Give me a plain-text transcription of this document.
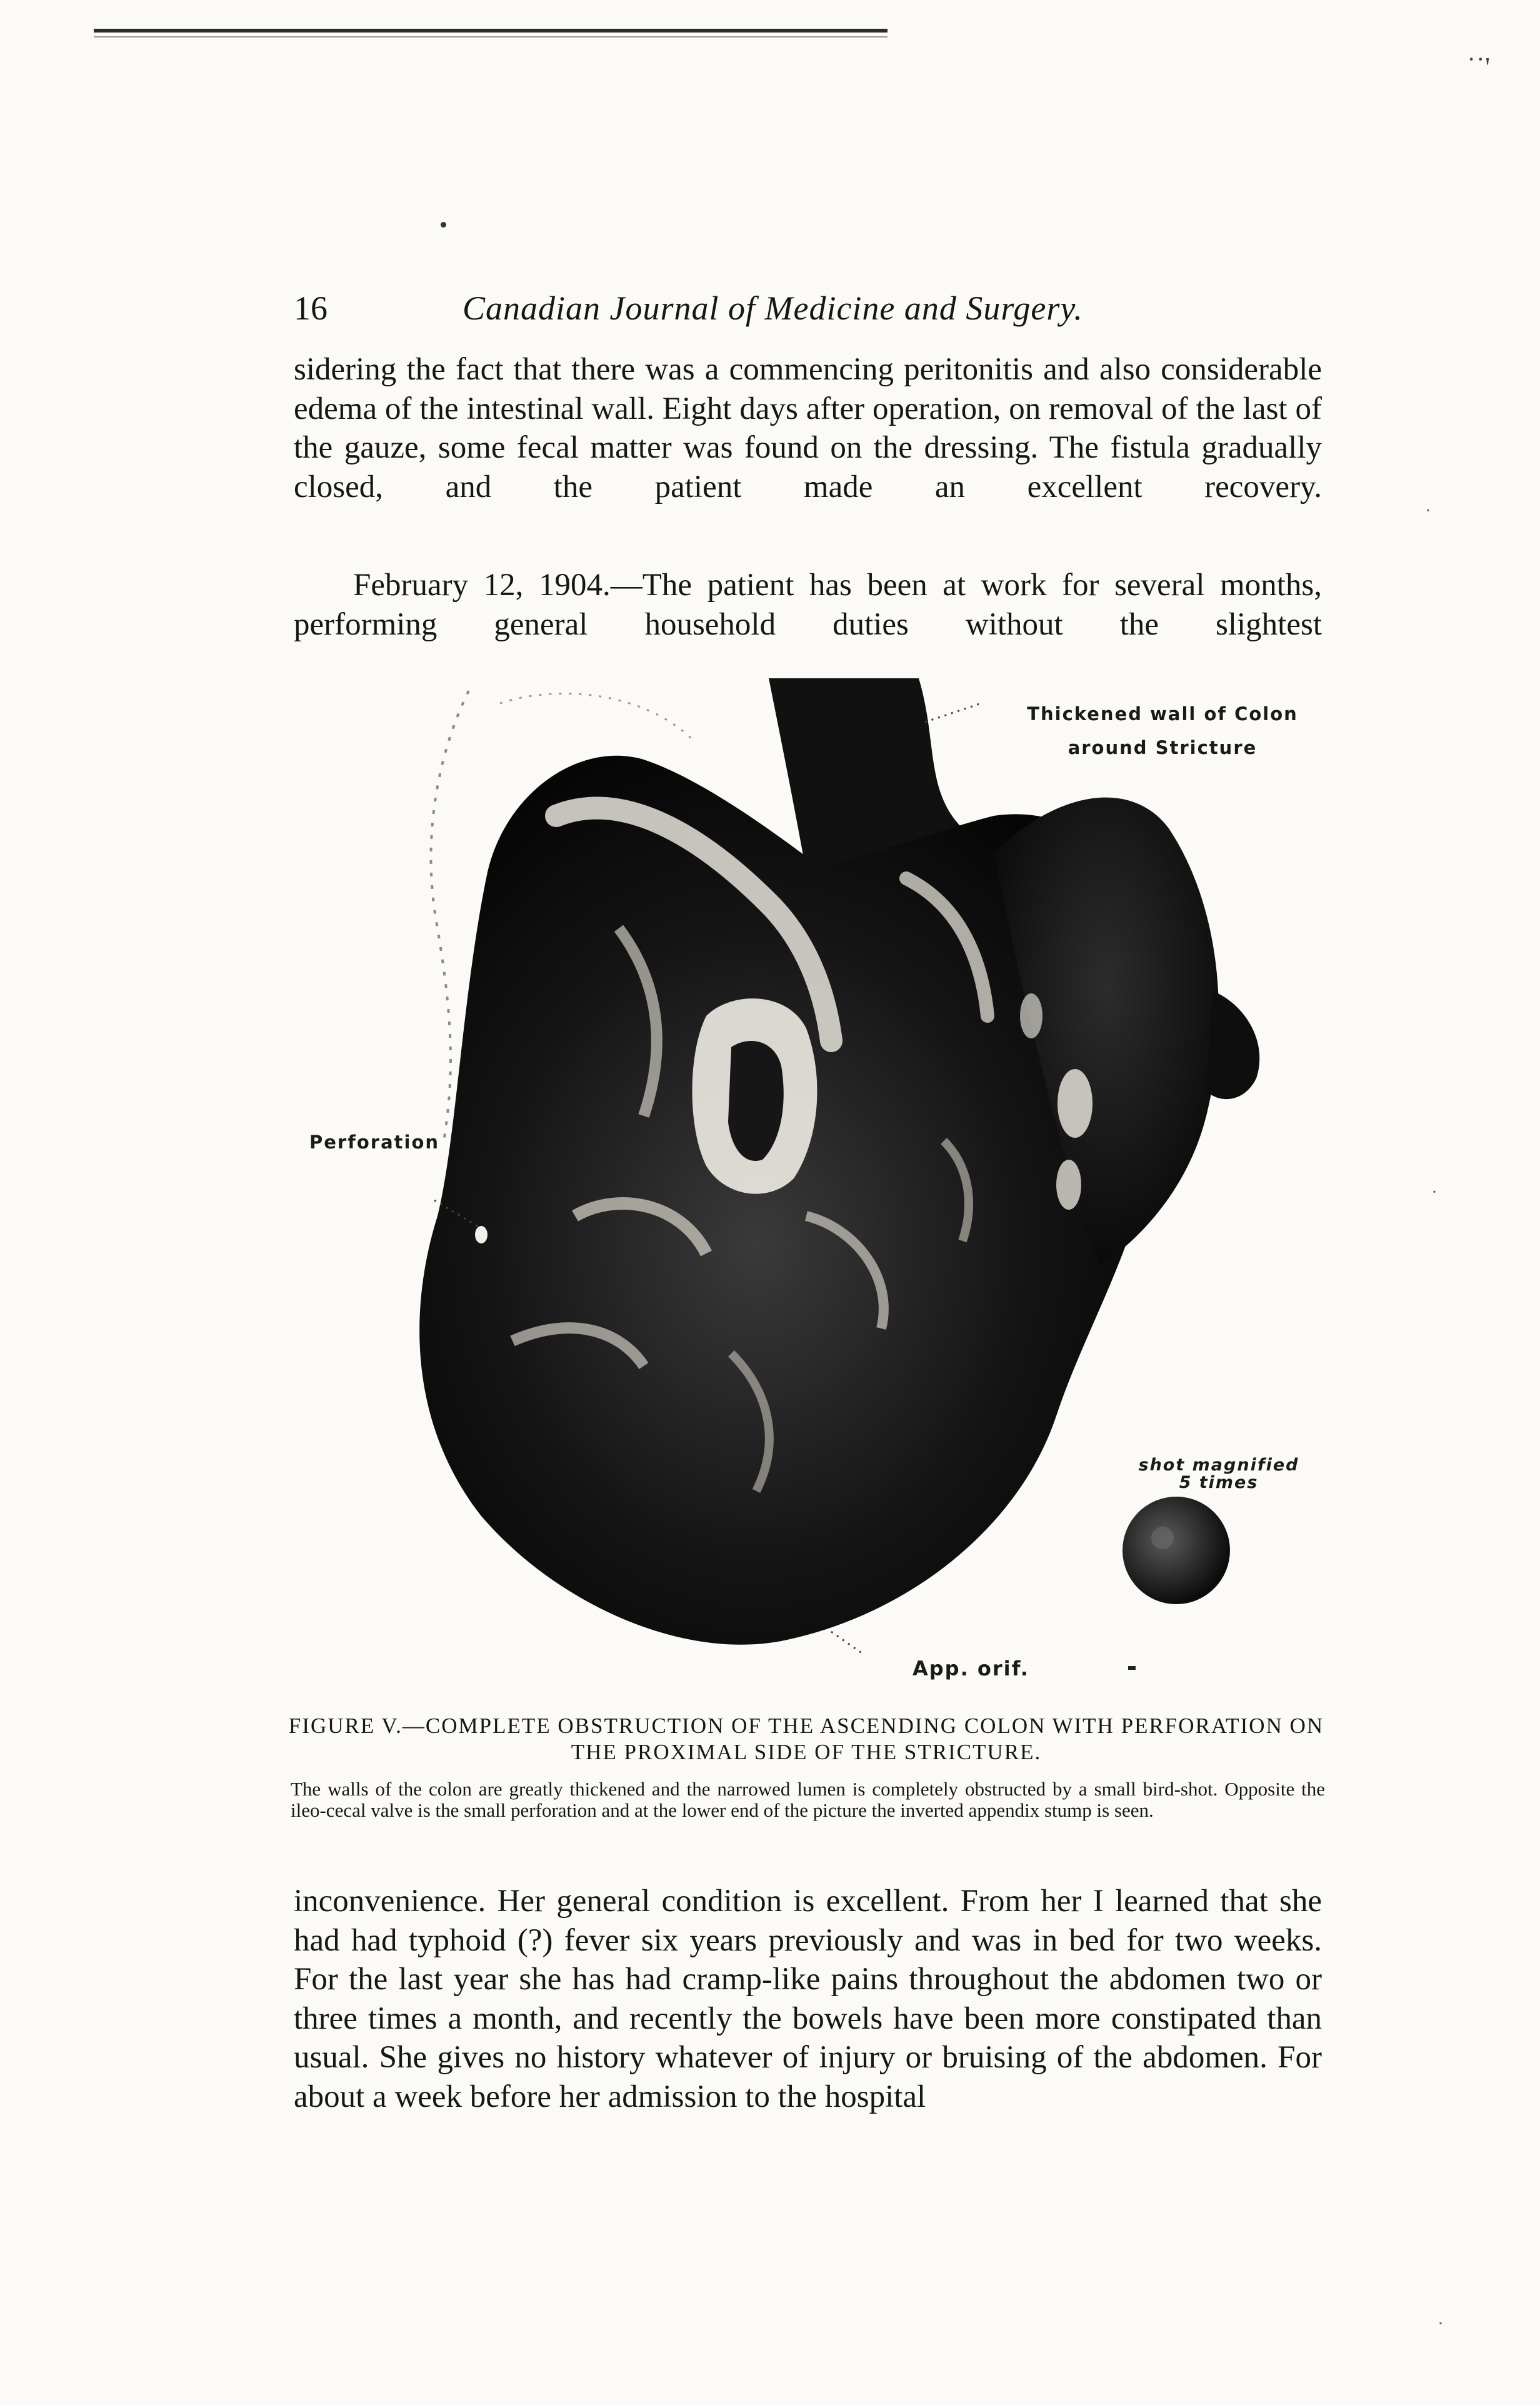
˙˙'
16	Canadian Journal of Medicine and Surgery.

sidering the fact that there was a commencing peritonitis and also considerable edema of the intestinal wall. Eight days after operation, on removal of the last of the gauze, some fecal matter was found on the dressing. The fistula gradually closed, and the patient made an excellent recovery.

February 12, 1904.—The patient has been at work for several months, performing general household duties without the slightest

Thickened wall of Colon around Stricture
Perforation
shot magnified 5 times
App. orif.
FIGURE V.—COMPLETE OBSTRUCTION OF THE ASCENDING COLON WITH PERFORATION ON THE PROXIMAL SIDE OF THE STRICTURE.
The walls of the colon are greatly thickened and the narrowed lumen is completely obstructed by a small bird-shot. Opposite the ileo-cecal valve is the small perforation and at the lower end of the picture the inverted appendix stump is seen.

inconvenience. Her general condition is excellent. From her I learned that she had had typhoid (?) fever six years previously and was in bed for two weeks. For the last year she has had cramp-like pains throughout the abdomen two or three times a month, and recently the bowels have been more constipated than usual. She gives no history whatever of injury or bruising of the abdomen. For about a week before her admission to the hospital

·
·
·
